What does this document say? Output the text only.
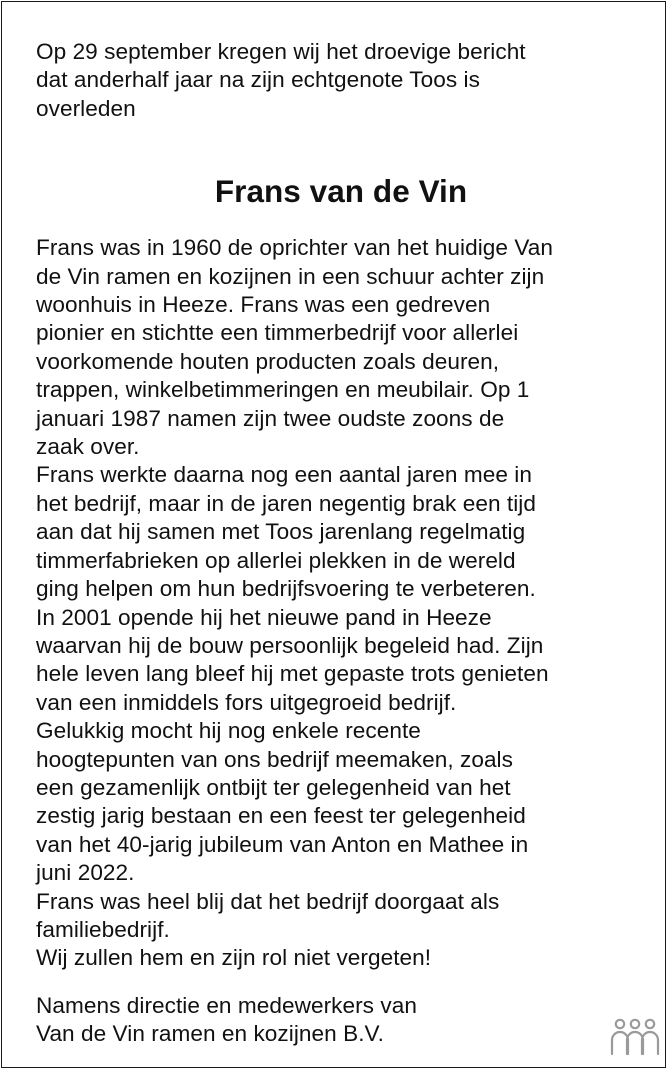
Op 29 september kregen wij het droevige bericht

dat anderhalf jaar na zijn echtgenote Toos is

overleden

Frans van de Vin

Frans was in 1960 de oprichter van het huidige Van

de Vin ramen en kozijnen in een schuur achter zijn

woonhuis in Heeze. Frans was een gedreven

pionier en stichtte een timmerbedrijf voor allerlei

voorkomende houten producten zoals deuren,

trappen, winkelbetimmeringen en meubilair. Op 1

januari 1987 namen zijn twee oudste zoons de

zaak over.

Frans werkte daarna nog een aantal jaren mee in

het bedrijf, maar in de jaren negentig brak een tijd

aan dat hij samen met Toos jarenlang regelmatig

timmerfabrieken op allerlei plekken in de wereld

ging helpen om hun bedrijfsvoering te verbeteren.

In 2001 opende hij het nieuwe pand in Heeze

waarvan hij de bouw persoonlijk begeleid had. Zijn

hele leven lang bleef hij met gepaste trots genieten

van een inmiddels fors uitgegroeid bedrijf.

Gelukkig mocht hij nog enkele recente

hoogtepunten van ons bedrijf meemaken, zoals

een gezamenlijk ontbijt ter gelegenheid van het

zestig jarig bestaan en een feest ter gelegenheid

van het 40-jarig jubileum van Anton en Mathee in

juni 2022.

Frans was heel blij dat het bedrijf doorgaat als

familiebedrijf.

Wij zullen hem en zijn rol niet vergeten!

Namens directie en medewerkers van

Van de Vin ramen en kozijnen B.V.
